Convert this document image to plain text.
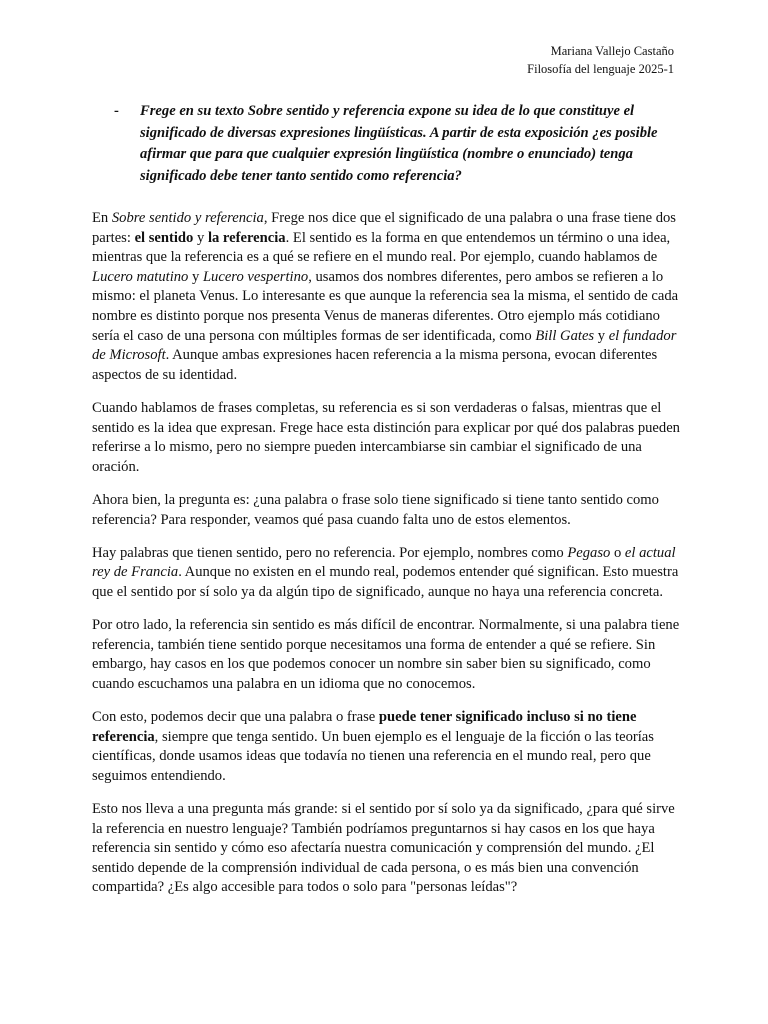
Mariana Vallejo Castaño
Filosofía del lenguaje 2025-1
- Frege en su texto Sobre sentido y referencia expone su idea de lo que constituye el significado de diversas expresiones lingüísticas. A partir de esta exposición ¿es posible afirmar que para que cualquier expresión lingüística (nombre o enunciado) tenga significado debe tener tanto sentido como referencia?

En Sobre sentido y referencia, Frege nos dice que el significado de una palabra o una frase tiene dos partes: el sentido y la referencia. El sentido es la forma en que entendemos un término o una idea, mientras que la referencia es a qué se refiere en el mundo real. Por ejemplo, cuando hablamos de Lucero matutino y Lucero vespertino, usamos dos nombres diferentes, pero ambos se refieren a lo mismo: el planeta Venus. Lo interesante es que aunque la referencia sea la misma, el sentido de cada nombre es distinto porque nos presenta Venus de maneras diferentes. Otro ejemplo más cotidiano sería el caso de una persona con múltiples formas de ser identificada, como Bill Gates y el fundador de Microsoft. Aunque ambas expresiones hacen referencia a la misma persona, evocan diferentes aspectos de su identidad.

Cuando hablamos de frases completas, su referencia es si son verdaderas o falsas, mientras que el sentido es la idea que expresan. Frege hace esta distinción para explicar por qué dos palabras pueden referirse a lo mismo, pero no siempre pueden intercambiarse sin cambiar el significado de una oración.

Ahora bien, la pregunta es: ¿una palabra o frase solo tiene significado si tiene tanto sentido como referencia? Para responder, veamos qué pasa cuando falta uno de estos elementos.

Hay palabras que tienen sentido, pero no referencia. Por ejemplo, nombres como Pegaso o el actual rey de Francia. Aunque no existen en el mundo real, podemos entender qué significan. Esto muestra que el sentido por sí solo ya da algún tipo de significado, aunque no haya una referencia concreta.

Por otro lado, la referencia sin sentido es más difícil de encontrar. Normalmente, si una palabra tiene referencia, también tiene sentido porque necesitamos una forma de entender a qué se refiere. Sin embargo, hay casos en los que podemos conocer un nombre sin saber bien su significado, como cuando escuchamos una palabra en un idioma que no conocemos.

Con esto, podemos decir que una palabra o frase puede tener significado incluso si no tiene referencia, siempre que tenga sentido. Un buen ejemplo es el lenguaje de la ficción o las teorías científicas, donde usamos ideas que todavía no tienen una referencia en el mundo real, pero que seguimos entendiendo.

Esto nos lleva a una pregunta más grande: si el sentido por sí solo ya da significado, ¿para qué sirve la referencia en nuestro lenguaje? También podríamos preguntarnos si hay casos en los que haya referencia sin sentido y cómo eso afectaría nuestra comunicación y comprensión del mundo. ¿El sentido depende de la comprensión individual de cada persona, o es más bien una convención compartida? ¿Es algo accesible para todos o solo para "personas leídas"?
